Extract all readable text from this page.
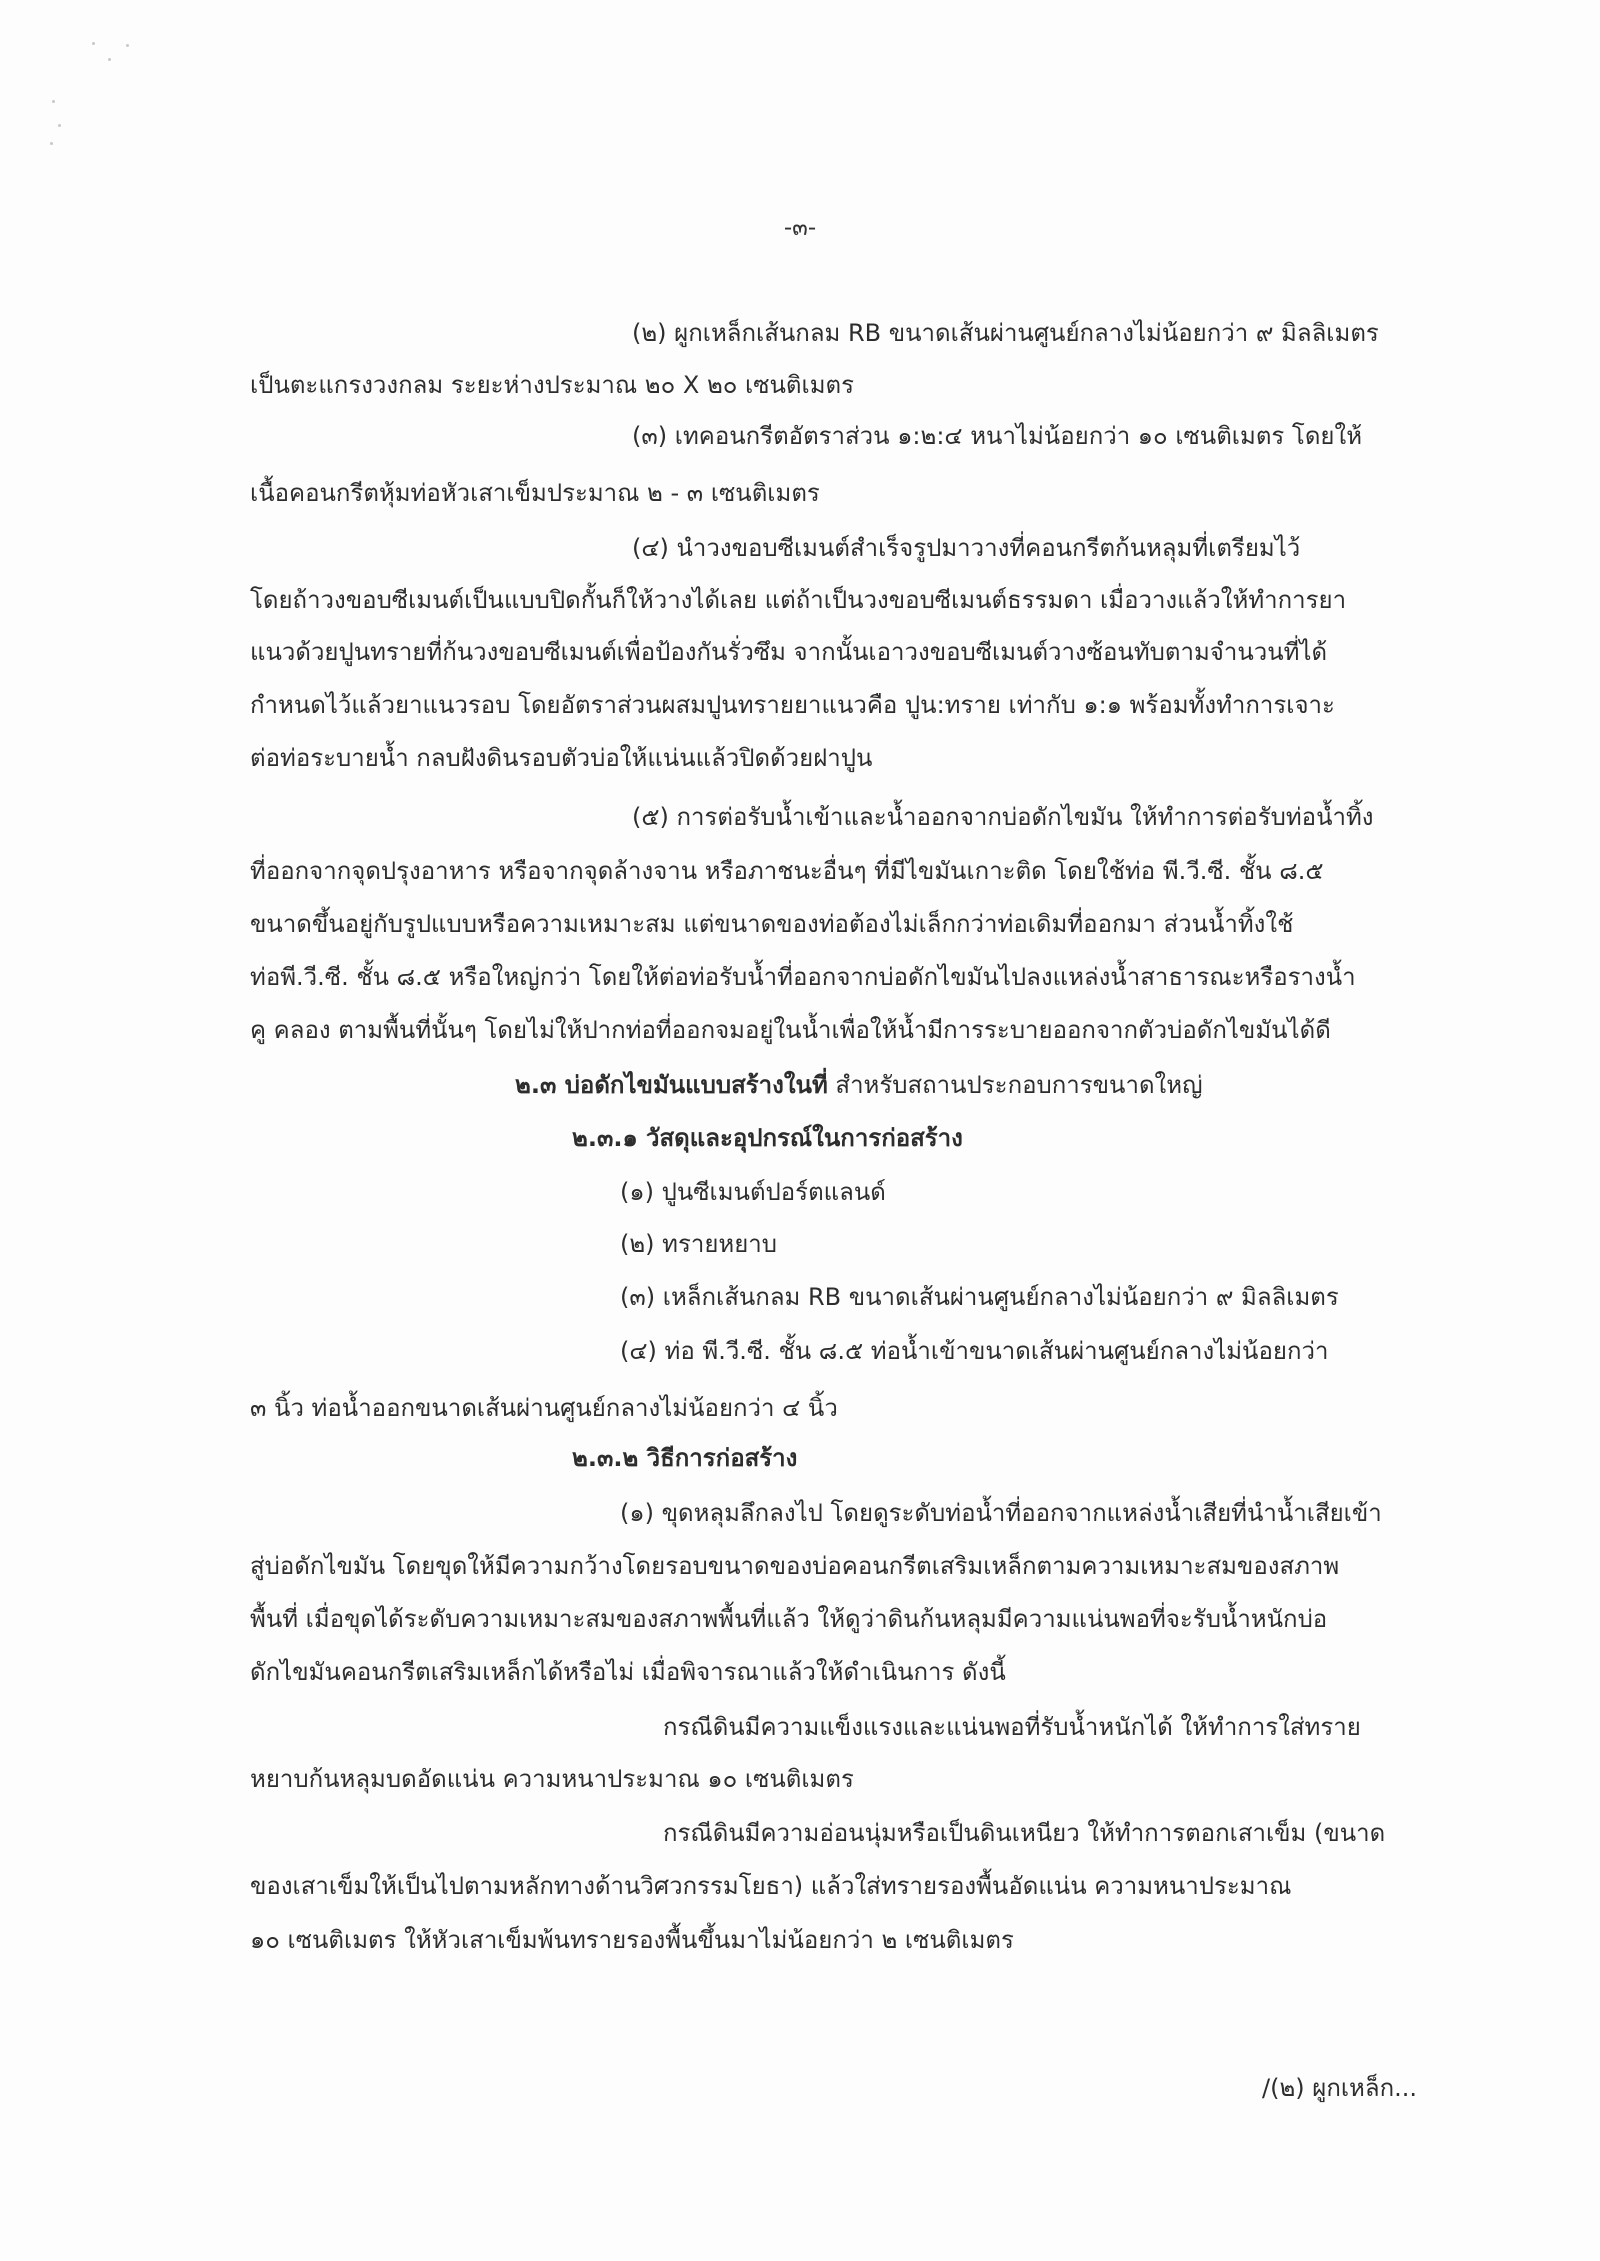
-๓-
(๒) ผูกเหล็กเส้นกลม RB ขนาดเส้นผ่านศูนย์กลางไม่น้อยกว่า ๙ มิลลิเมตร
เป็นตะแกรงวงกลม ระยะห่างประมาณ ๒๐ X ๒๐ เซนติเมตร
(๓) เทคอนกรีตอัตราส่วน ๑:๒:๔ หนาไม่น้อยกว่า ๑๐ เซนติเมตร โดยให้
เนื้อคอนกรีตหุ้มท่อหัวเสาเข็มประมาณ ๒ - ๓ เซนติเมตร
(๔) นำวงขอบซีเมนต์สำเร็จรูปมาวางที่คอนกรีตก้นหลุมที่เตรียมไว้
โดยถ้าวงขอบซีเมนต์เป็นแบบปิดกั้นก็ให้วางได้เลย แต่ถ้าเป็นวงขอบซีเมนต์ธรรมดา เมื่อวางแล้วให้ทำการยา
แนวด้วยปูนทรายที่ก้นวงขอบซีเมนต์เพื่อป้องกันรั่วซึม จากนั้นเอาวงขอบซีเมนต์วางซ้อนทับตามจำนวนที่ได้
กำหนดไว้แล้วยาแนวรอบ โดยอัตราส่วนผสมปูนทรายยาแนวคือ ปูน:ทราย เท่ากับ ๑:๑ พร้อมทั้งทำการเจาะ
ต่อท่อระบายน้ำ กลบฝังดินรอบตัวบ่อให้แน่นแล้วปิดด้วยฝาปูน
(๕) การต่อรับน้ำเข้าและน้ำออกจากบ่อดักไขมัน ให้ทำการต่อรับท่อน้ำทิ้ง
ที่ออกจากจุดปรุงอาหาร หรือจากจุดล้างจาน หรือภาชนะอื่นๆ ที่มีไขมันเกาะติด โดยใช้ท่อ พี.วี.ซี. ชั้น ๘.๕
ขนาดขึ้นอยู่กับรูปแบบหรือความเหมาะสม แต่ขนาดของท่อต้องไม่เล็กกว่าท่อเดิมที่ออกมา ส่วนน้ำทิ้งใช้
ท่อพี.วี.ซี. ชั้น ๘.๕ หรือใหญ่กว่า โดยให้ต่อท่อรับน้ำที่ออกจากบ่อดักไขมันไปลงแหล่งน้ำสาธารณะหรือรางน้ำ
คู คลอง ตามพื้นที่นั้นๆ โดยไม่ให้ปากท่อที่ออกจมอยู่ในน้ำเพื่อให้น้ำมีการระบายออกจากตัวบ่อดักไขมันได้ดี
๒.๓ บ่อดักไขมันแบบสร้างในที่ สำหรับสถานประกอบการขนาดใหญ่
๒.๓.๑ วัสดุและอุปกรณ์ในการก่อสร้าง
(๑) ปูนซีเมนต์ปอร์ตแลนด์
(๒) ทรายหยาบ
(๓) เหล็กเส้นกลม RB ขนาดเส้นผ่านศูนย์กลางไม่น้อยกว่า ๙ มิลลิเมตร
(๔) ท่อ พี.วี.ซี. ชั้น ๘.๕ ท่อน้ำเข้าขนาดเส้นผ่านศูนย์กลางไม่น้อยกว่า
๓ นิ้ว ท่อน้ำออกขนาดเส้นผ่านศูนย์กลางไม่น้อยกว่า ๔ นิ้ว
๒.๓.๒ วิธีการก่อสร้าง
(๑) ขุดหลุมลึกลงไป โดยดูระดับท่อน้ำที่ออกจากแหล่งน้ำเสียที่นำน้ำเสียเข้า
สู่บ่อดักไขมัน โดยขุดให้มีความกว้างโดยรอบขนาดของบ่อคอนกรีตเสริมเหล็กตามความเหมาะสมของสภาพ
พื้นที่ เมื่อขุดได้ระดับความเหมาะสมของสภาพพื้นที่แล้ว ให้ดูว่าดินก้นหลุมมีความแน่นพอที่จะรับน้ำหนักบ่อ
ดักไขมันคอนกรีตเสริมเหล็กได้หรือไม่ เมื่อพิจารณาแล้วให้ดำเนินการ ดังนี้
กรณีดินมีความแข็งแรงและแน่นพอที่รับน้ำหนักได้ ให้ทำการใส่ทราย
หยาบก้นหลุมบดอัดแน่น ความหนาประมาณ ๑๐ เซนติเมตร
กรณีดินมีความอ่อนนุ่มหรือเป็นดินเหนียว ให้ทำการตอกเสาเข็ม (ขนาด
ของเสาเข็มให้เป็นไปตามหลักทางด้านวิศวกรรมโยธา) แล้วใส่ทรายรองพื้นอัดแน่น ความหนาประมาณ
๑๐ เซนติเมตร ให้หัวเสาเข็มพ้นทรายรองพื้นขึ้นมาไม่น้อยกว่า ๒ เซนติเมตร
/(๒) ผูกเหล็ก...
